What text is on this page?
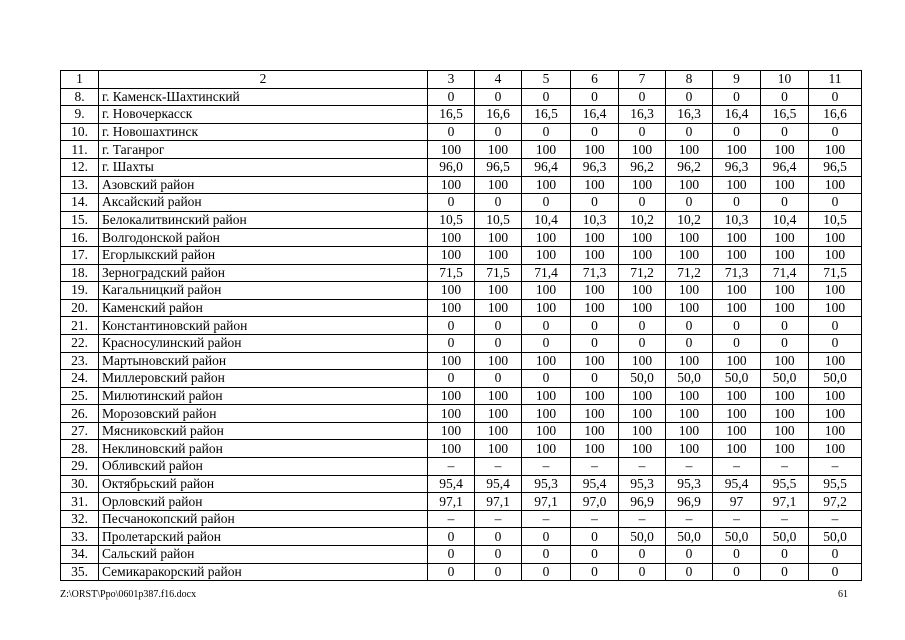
1	2	3	4	5	6	7	8	9	10	11
8.	г. Каменск-Шахтинский	0	0	0	0	0	0	0	0	0
9.	г. Новочеркасск	16,5	16,6	16,5	16,4	16,3	16,3	16,4	16,5	16,6
10.	г. Новошахтинск	0	0	0	0	0	0	0	0	0
11.	г. Таганрог	100	100	100	100	100	100	100	100	100
12.	г. Шахты	96,0	96,5	96,4	96,3	96,2	96,2	96,3	96,4	96,5
13.	Азовский район	100	100	100	100	100	100	100	100	100
14.	Аксайский район	0	0	0	0	0	0	0	0	0
15.	Белокалитвинский район	10,5	10,5	10,4	10,3	10,2	10,2	10,3	10,4	10,5
16.	Волгодонской район	100	100	100	100	100	100	100	100	100
17.	Егорлыкский район	100	100	100	100	100	100	100	100	100
18.	Зерноградский район	71,5	71,5	71,4	71,3	71,2	71,2	71,3	71,4	71,5
19.	Кагальницкий район	100	100	100	100	100	100	100	100	100
20.	Каменский район	100	100	100	100	100	100	100	100	100
21.	Константиновский район	0	0	0	0	0	0	0	0	0
22.	Красносулинский район	0	0	0	0	0	0	0	0	0
23.	Мартыновский район	100	100	100	100	100	100	100	100	100
24.	Миллеровский район	0	0	0	0	50,0	50,0	50,0	50,0	50,0
25.	Милютинский район	100	100	100	100	100	100	100	100	100
26.	Морозовский район	100	100	100	100	100	100	100	100	100
27.	Мясниковский район	100	100	100	100	100	100	100	100	100
28.	Неклиновский район	100	100	100	100	100	100	100	100	100
29.	Обливский район	–	–	–	–	–	–	–	–	–
30.	Октябрьский район	95,4	95,4	95,3	95,4	95,3	95,3	95,4	95,5	95,5
31.	Орловский район	97,1	97,1	97,1	97,0	96,9	96,9	97	97,1	97,2
32.	Песчанокопский район	–	–	–	–	–	–	–	–	–
33.	Пролетарский район	0	0	0	0	50,0	50,0	50,0	50,0	50,0
34.	Сальский район	0	0	0	0	0	0	0	0	0
35.	Семикаракорский район	0	0	0	0	0	0	0	0	0
Z:\ORST\Ppo\0601p387.f16.docx	61
